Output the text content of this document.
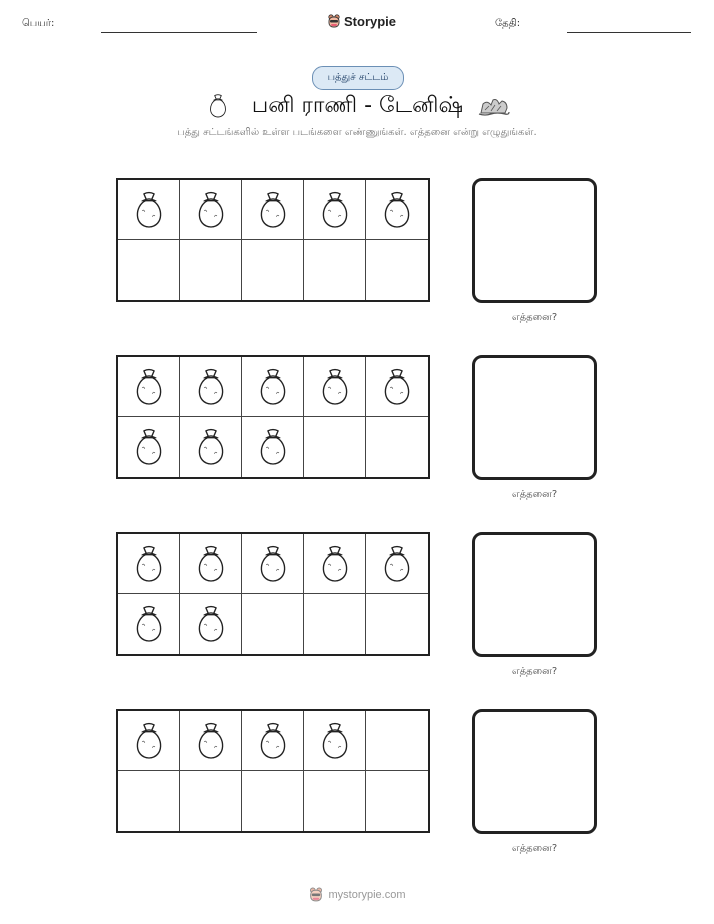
பெயர்:	Storypie	தேதி:
பத்துச் சட்டம்
பனி ராணி - டேனிஷ்
பத்து சட்டங்களில் உள்ள படங்களை எண்ணுங்கள். எத்தனை என்று எழுதுங்கள்.
எத்தனை?
எத்தனை?
எத்தனை?
எத்தனை?
mystorypie.com
